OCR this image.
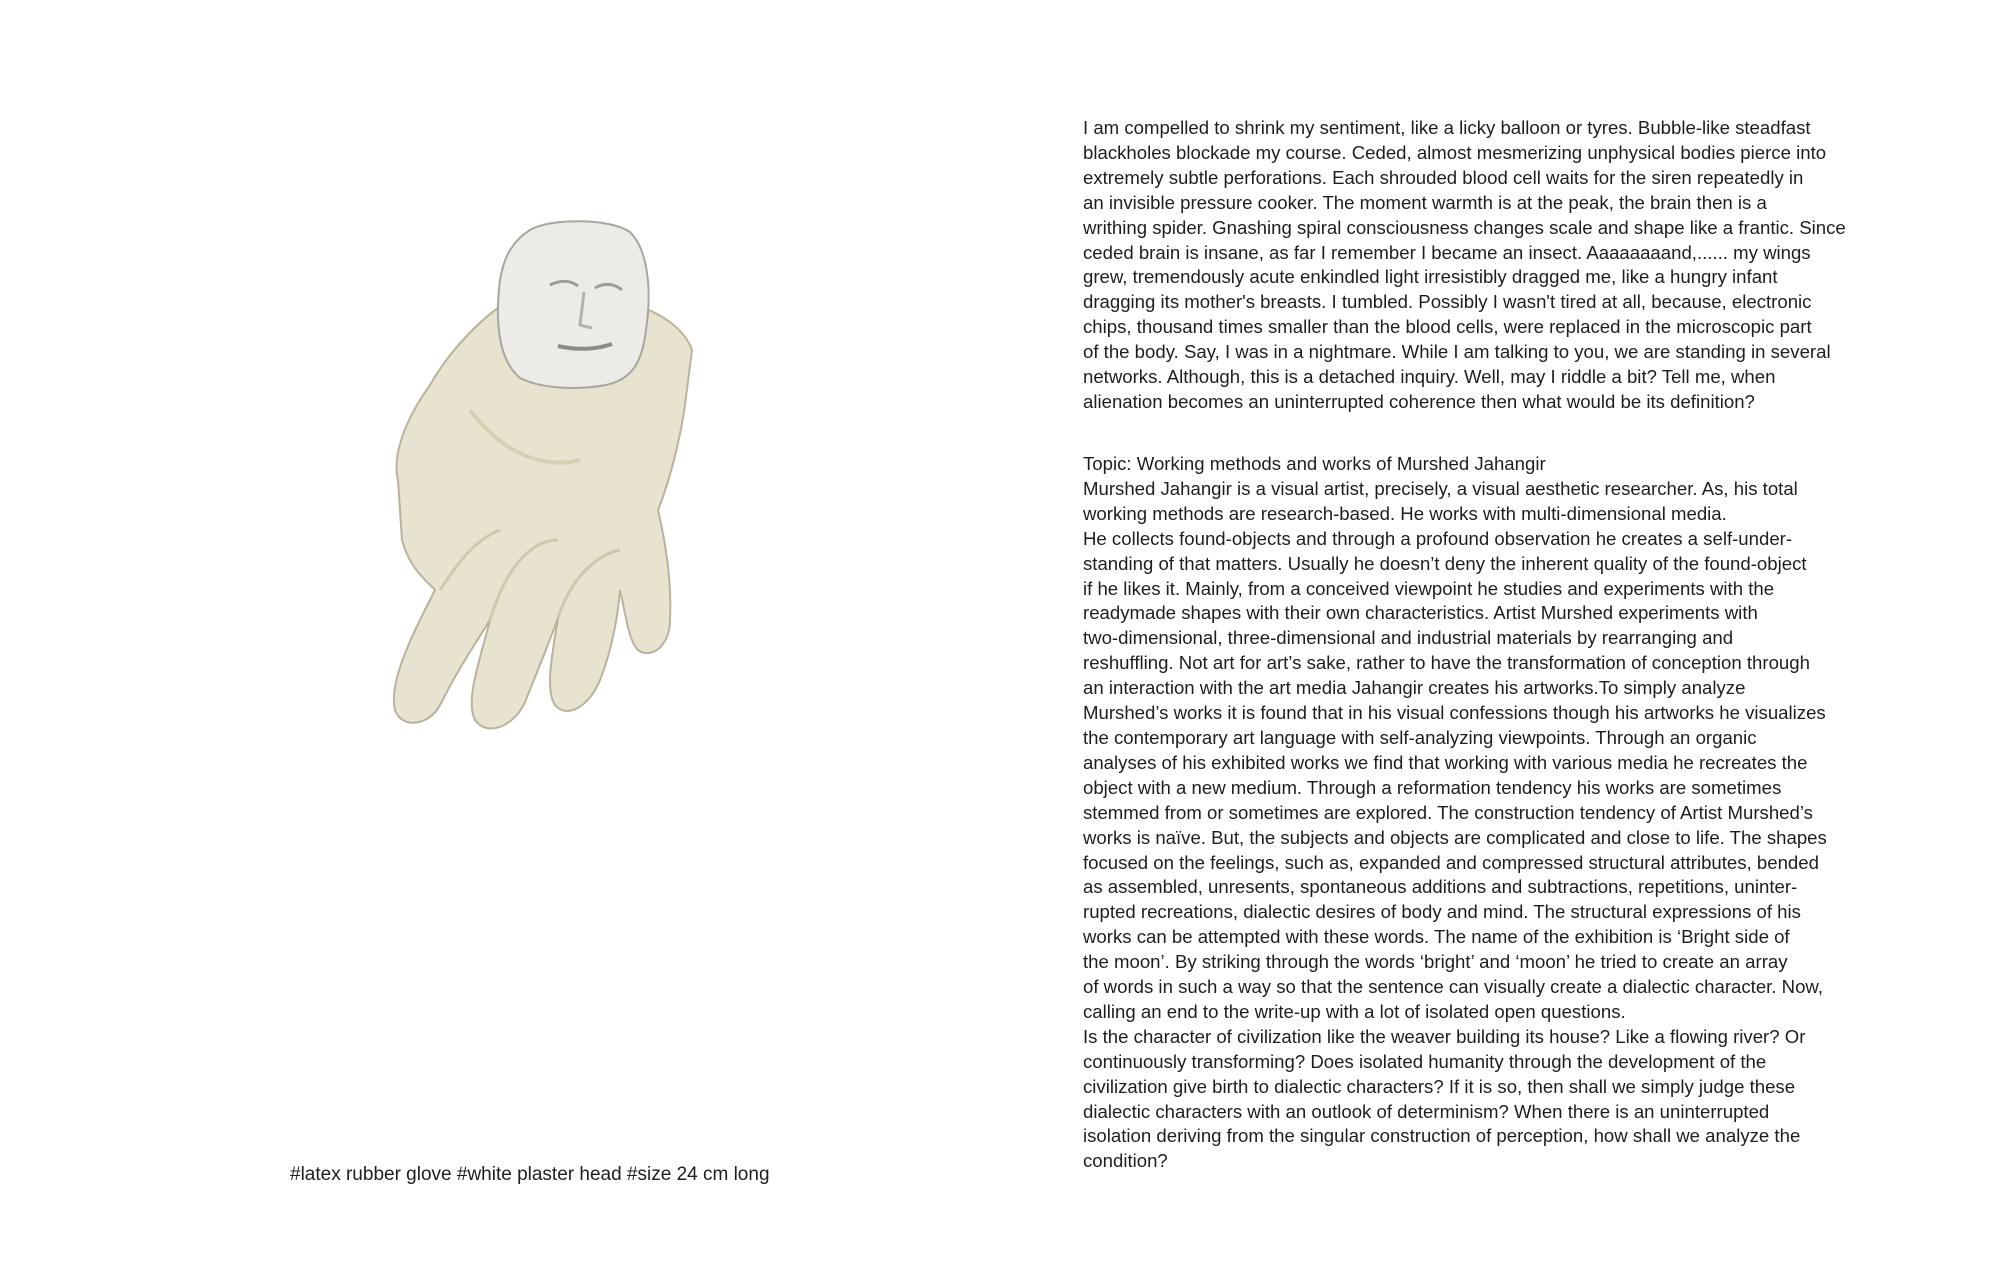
#latex rubber glove #white plaster head #size 24 cm long
I am compelled to shrink my sentiment, like a licky balloon or tyres. Bubble-like steadfast
blackholes blockade my course. Ceded, almost mesmerizing unphysical bodies pierce into
extremely subtle perforations. Each shrouded blood cell waits for the siren repeatedly in
an invisible pressure cooker. The moment warmth is at the peak, the brain then is a
writhing spider. Gnashing spiral consciousness changes scale and shape like a frantic. Since
ceded brain is insane, as far I remember I became an insect. Aaaaaaaand,...... my wings
grew, tremendously acute enkindled light irresistibly dragged me, like a hungry infant
dragging its mother's breasts. I tumbled. Possibly I wasn't tired at all, because, electronic
chips, thousand times smaller than the blood cells, were replaced in the microscopic part
of the body. Say, I was in a nightmare. While I am talking to you, we are standing in several
networks. Although, this is a detached inquiry. Well, may I riddle a bit? Tell me, when
alienation becomes an uninterrupted coherence then what would be its definition?
Topic: Working methods and works of Murshed Jahangir
Murshed Jahangir is a visual artist, precisely, a visual aesthetic researcher. As, his total
working methods are research-based. He works with multi-dimensional media.
He collects found-objects and through a profound observation he creates a self-under-
standing of that matters. Usually he doesn’t deny the inherent quality of the found-object
if he likes it. Mainly, from a conceived viewpoint he studies and experiments with the
readymade shapes with their own characteristics. Artist Murshed experiments with
two-dimensional, three-dimensional and industrial materials by rearranging and
reshuffling. Not art for art’s sake, rather to have the transformation of conception through
an interaction with the art media Jahangir creates his artworks.To simply analyze
Murshed’s works it is found that in his visual confessions though his artworks he visualizes
the contemporary art language with self-analyzing viewpoints. Through an organic
analyses of his exhibited works we find that working with various media he recreates the
object with a new medium. Through a reformation tendency his works are sometimes
stemmed from or sometimes are explored. The construction tendency of Artist Murshed’s
works is naïve. But, the subjects and objects are complicated and close to life. The shapes
focused on the feelings, such as, expanded and compressed structural attributes, bended
as assembled, unresents, spontaneous additions and subtractions, repetitions, uninter-
rupted recreations, dialectic desires of body and mind. The structural expressions of his
works can be attempted with these words. The name of the exhibition is ‘Bright side of
the moon’. By striking through the words ‘bright’ and ‘moon’ he tried to create an array
of words in such a way so that the sentence can visually create a dialectic character. Now,
calling an end to the write-up with a lot of isolated open questions.
Is the character of civilization like the weaver building its house? Like a flowing river? Or
continuously transforming? Does isolated humanity through the development of the
civilization give birth to dialectic characters? If it is so, then shall we simply judge these
dialectic characters with an outlook of determinism? When there is an uninterrupted
isolation deriving from the singular construction of perception, how shall we analyze the
condition?
